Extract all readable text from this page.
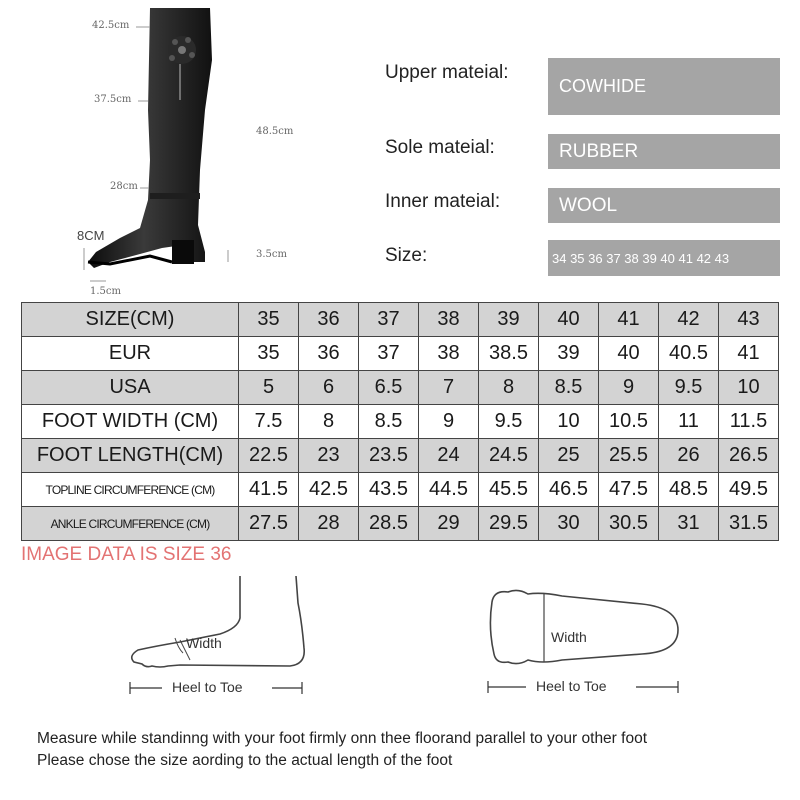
42.5cm
37.5cm
48.5cm
28cm
8CM
3.5cm
1.5cm
Upper mateial:
COWHIDE
Sole mateial:	RUBBER
Inner mateial:	WOOL
Size:	34 35 36 37 38 39 40 41 42 43
SIZE(CM)	35	36	37	38	39	40	41	42	43
EUR	35	36	37	38	38.5	39	40	40.5	41
USA	5	6	6.5	7	8	8.5	9	9.5	10
FOOT WIDTH (CM)	7.5	8	8.5	9	9.5	10	10.5	11	11.5
FOOT LENGTH(CM)	22.5	23	23.5	24	24.5	25	25.5	26	26.5
TOPLINE CIRCUMFERENCE (CM)	41.5	42.5	43.5	44.5	45.5	46.5	47.5	48.5	49.5
ANKLE CIRCUMFERENCE (CM)	27.5	28	28.5	29	29.5	30	30.5	31	31.5
IMAGE DATA IS SIZE 36
Width
Heel to Toe
Width
Heel to Toe
Measure while standinng with your foot firmly onn thee floorand parallel to your other foot
Please chose the size aording to the actual length of the foot
